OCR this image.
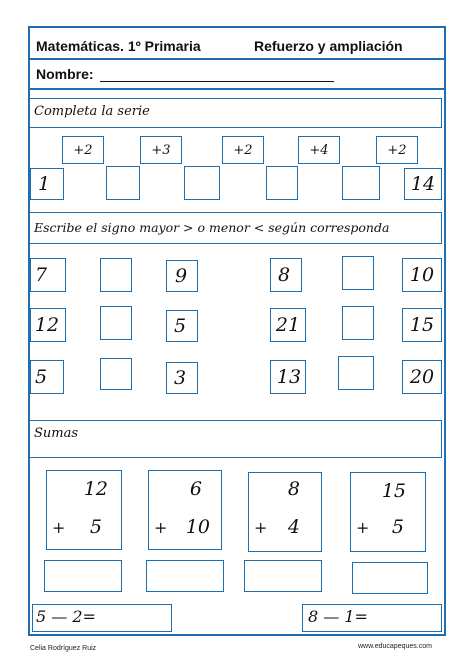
Matemáticas. 1º Primaria	Refuerzo y ampliación
Nombre:
Completa la serie
+2	+3	+2	+4	+2
1	14
Escribe el signo mayor > o menor < según corresponda
7	9	8	10
12	5	21	15
5	3	13	20
Sumas
12
+	5
6
+ 10
8
+	4
15
+	5
5 — 2=	8 — 1=
Celia Rodríguez Ruiz	www.educapeques.com
